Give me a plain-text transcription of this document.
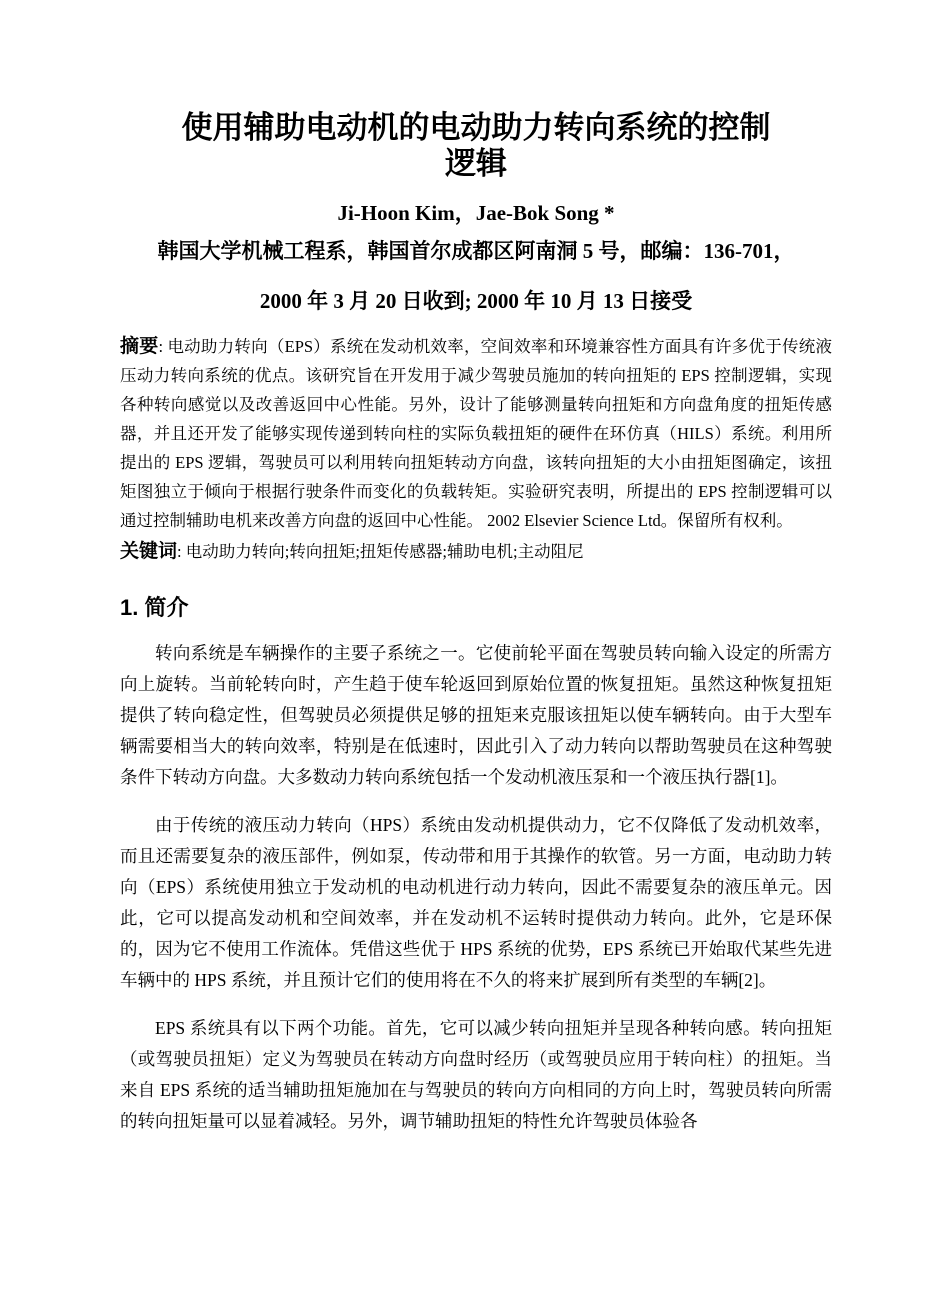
使用辅助电动机的电动助力转向系统的控制
逻辑

Ji-Hoon Kim，Jae-Bok Song *

韩国大学机械工程系，韩国首尔成都区阿南洞 5 号，邮编：136-701，

2000 年 3 月 20 日收到; 2000 年 10 月 13 日接受

摘要: 电动助力转向（EPS）系统在发动机效率，空间效率和环境兼容性方面具有许多优于传统液压动力转向系统的优点。该研究旨在开发用于减少驾驶员施加的转向扭矩的 EPS 控制逻辑，实现各种转向感觉以及改善返回中心性能。另外，设计了能够测量转向扭矩和方向盘角度的扭矩传感器，并且还开发了能够实现传递到转向柱的实际负载扭矩的硬件在环仿真（HILS）系统。利用所提出的 EPS 逻辑，驾驶员可以利用转向扭矩转动方向盘，该转向扭矩的大小由扭矩图确定，该扭矩图独立于倾向于根据行驶条件而变化的负载转矩。实验研究表明，所提出的 EPS 控制逻辑可以通过控制辅助电机来改善方向盘的返回中心性能。 2002 Elsevier Science Ltd。保留所有权利。

关键词: 电动助力转向;转向扭矩;扭矩传感器;辅助电机;主动阻尼

1. 简介

转向系统是车辆操作的主要子系统之一。它使前轮平面在驾驶员转向输入设定的所需方向上旋转。当前轮转向时，产生趋于使车轮返回到原始位置的恢复扭矩。虽然这种恢复扭矩提供了转向稳定性，但驾驶员必须提供足够的扭矩来克服该扭矩以使车辆转向。由于大型车辆需要相当大的转向效率，特别是在低速时，因此引入了动力转向以帮助驾驶员在这种驾驶条件下转动方向盘。大多数动力转向系统包括一个发动机液压泵和一个液压执行器[1]。

由于传统的液压动力转向（HPS）系统由发动机提供动力，它不仅降低了发动机效率，而且还需要复杂的液压部件，例如泵，传动带和用于其操作的软管。另一方面，电动助力转向（EPS）系统使用独立于发动机的电动机进行动力转向，因此不需要复杂的液压单元。因此，它可以提高发动机和空间效率，并在发动机不运转时提供动力转向。此外，它是环保的，因为它不使用工作流体。凭借这些优于 HPS 系统的优势，EPS 系统已开始取代某些先进车辆中的 HPS 系统，并且预计它们的使用将在不久的将来扩展到所有类型的车辆[2]。

EPS 系统具有以下两个功能。首先，它可以减少转向扭矩并呈现各种转向感。转向扭矩（或驾驶员扭矩）定义为驾驶员在转动方向盘时经历（或驾驶员应用于转向柱）的扭矩。当来自 EPS 系统的适当辅助扭矩施加在与驾驶员的转向方向相同的方向上时，驾驶员转向所需的转向扭矩量可以显着减轻。另外，调节辅助扭矩的特性允许驾驶员体验各
